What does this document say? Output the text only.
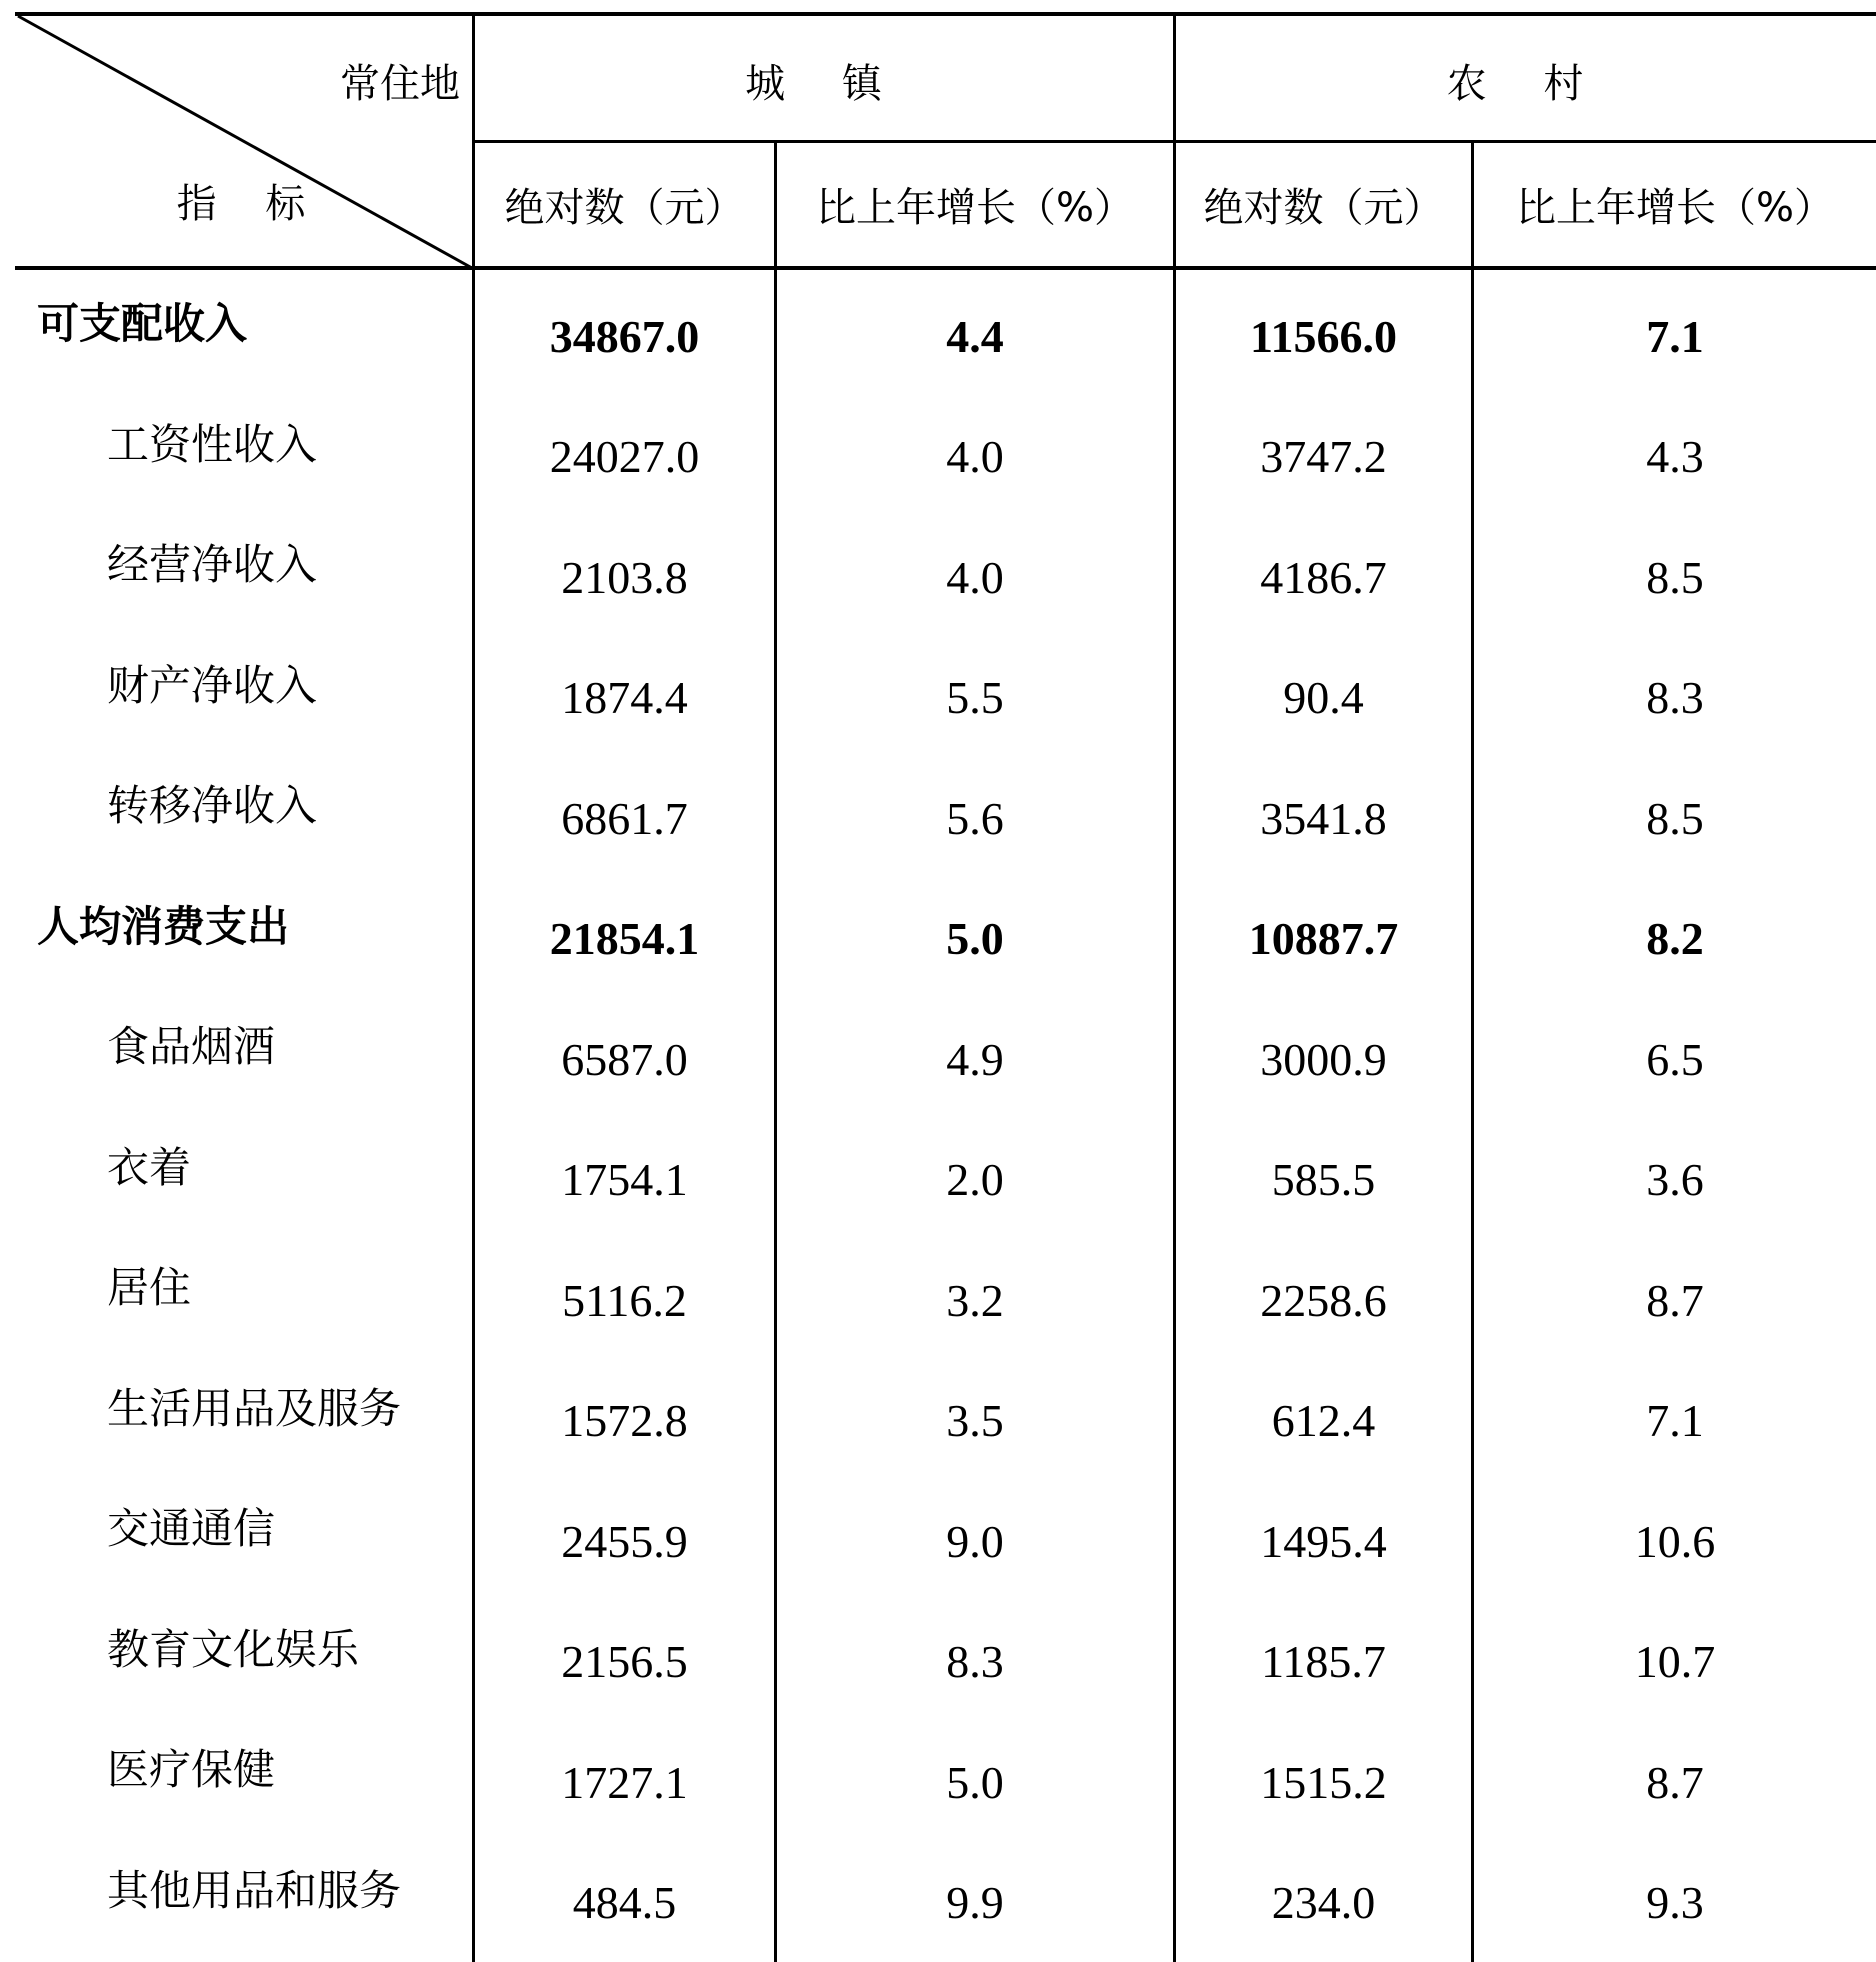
常住地
指 标
城 镇	农 村
绝对数（元）	比上年增长（%）	绝对数（元）	比上年增长（%）
可支配收入	34867.0	4.4	11566.0	7.1
工资性收入	24027.0	4.0	3747.2	4.3
经营净收入	2103.8	4.0	4186.7	8.5
财产净收入	1874.4	5.5	90.4	8.3
转移净收入	6861.7	5.6	3541.8	8.5
人均消费支出	21854.1	5.0	10887.7	8.2
食品烟酒	6587.0	4.9	3000.9	6.5
衣着	1754.1	2.0	585.5	3.6
居住	5116.2	3.2	2258.6	8.7
生活用品及服务	1572.8	3.5	612.4	7.1
交通通信	2455.9	9.0	1495.4	10.6
教育文化娱乐	2156.5	8.3	1185.7	10.7
医疗保健	1727.1	5.0	1515.2	8.7
其他用品和服务	484.5	9.9	234.0	9.3
